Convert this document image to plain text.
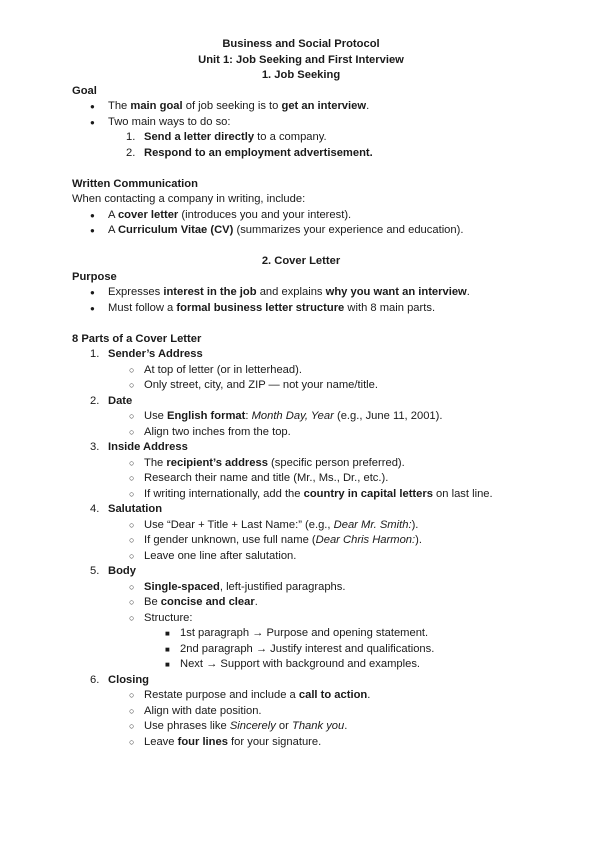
Business and Social Protocol
Unit 1: Job Seeking and First Interview
1. Job Seeking
Goal
● The main goal of job seeking is to get an interview.
● Two main ways to do so:
1. Send a letter directly to a company.
2. Respond to an employment advertisement.
Written Communication
When contacting a company in writing, include:
● A cover letter (introduces you and your interest).
● A Curriculum Vitae (CV) (summarizes your experience and education).
2. Cover Letter
Purpose
● Expresses interest in the job and explains why you want an interview.
● Must follow a formal business letter structure with 8 main parts.
8 Parts of a Cover Letter
1. Sender’s Address
○ At top of letter (or in letterhead).
○ Only street, city, and ZIP — not your name/title.
2. Date
○ Use English format: Month Day, Year (e.g., June 11, 2001).
○ Align two inches from the top.
3. Inside Address
○ The recipient’s address (specific person preferred).
○ Research their name and title (Mr., Ms., Dr., etc.).
○ If writing internationally, add the country in capital letters on last line.
4. Salutation
○ Use “Dear + Title + Last Name:” (e.g., Dear Mr. Smith:).
○ If gender unknown, use full name (Dear Chris Harmon:).
○ Leave one line after salutation.
5. Body
○ Single-spaced, left-justified paragraphs.
○ Be concise and clear.
○ Structure:
■ 1st paragraph → Purpose and opening statement.
■ 2nd paragraph → Justify interest and qualifications.
■ Next → Support with background and examples.
6. Closing
○ Restate purpose and include a call to action.
○ Align with date position.
○ Use phrases like Sincerely or Thank you.
○ Leave four lines for your signature.
